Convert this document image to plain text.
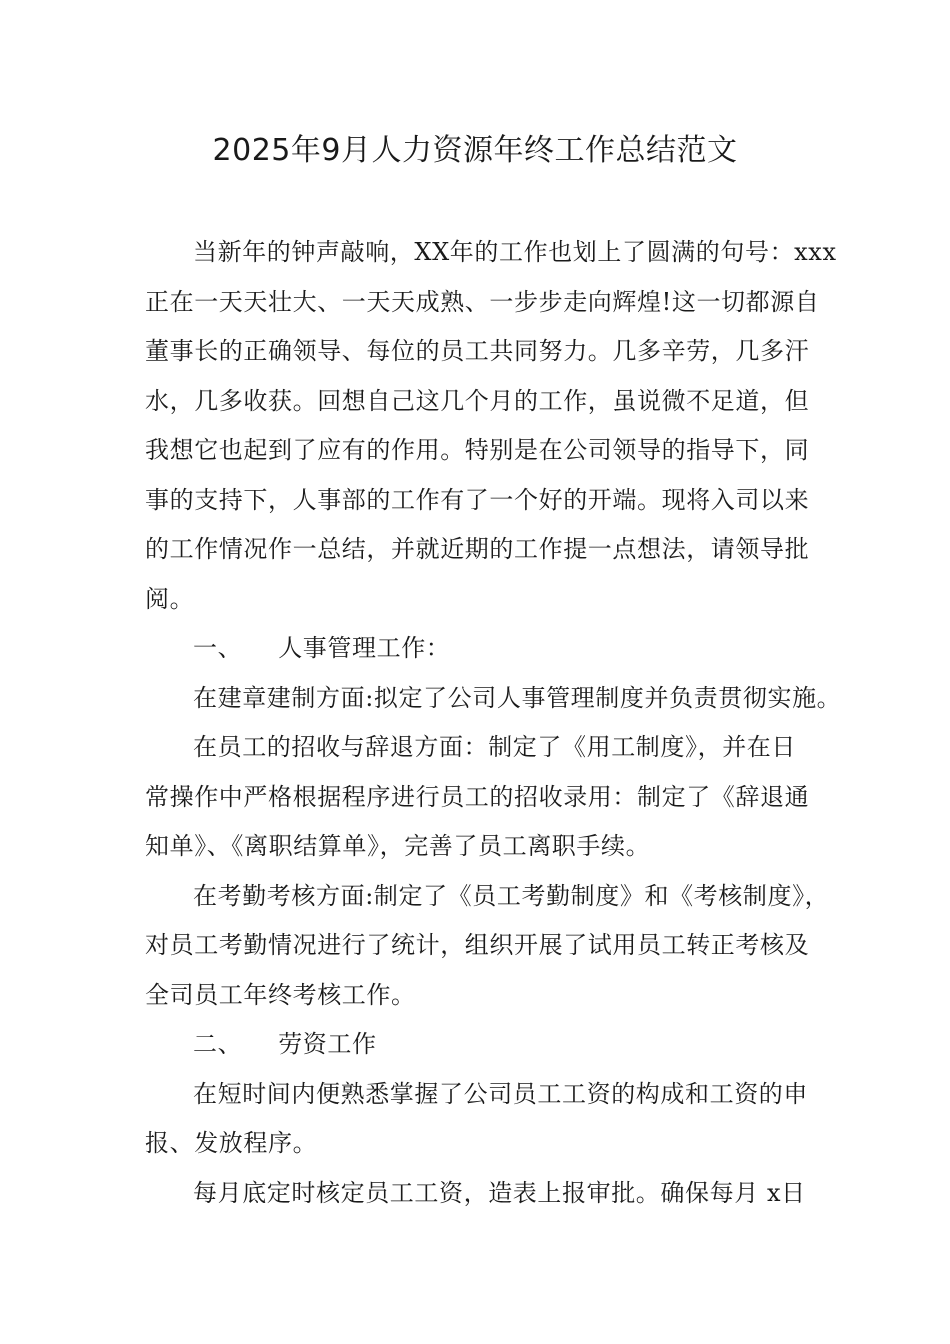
2025年9月人力资源年终工作总结范文
当新年的钟声敲响，XX年的工作也划上了圆满的句号：xxx
正在一天天壮大、一天天成熟、一步步走向辉煌!这一切都源自
董事长的正确领导、每位的员工共同努力。几多辛劳，几多汗
水，几多收获。回想自己这几个月的工作，虽说微不足道，但
我想它也起到了应有的作用。特别是在公司领导的指导下，同
事的支持下，人事部的工作有了一个好的开端。现将入司以来
的工作情况作一总结，并就近期的工作提一点想法，请领导批
阅。
一、 人事管理工作：
在建章建制方面:拟定了公司人事管理制度并负责贯彻实施。
在员工的招收与辞退方面：制定了《用工制度》，并在日
常操作中严格根据程序进行员工的招收录用：制定了《辞退通
知单》、《离职结算单》，完善了员工离职手续。
在考勤考核方面:制定了《员工考勤制度》和《考核制度》，
对员工考勤情况进行了统计，组织开展了试用员工转正考核及
全司员工年终考核工作。
二、 劳资工作
在短时间内便熟悉掌握了公司员工工资的构成和工资的申
报、发放程序。
每月底定时核定员工工资，造表上报审批。确保每月 x日
